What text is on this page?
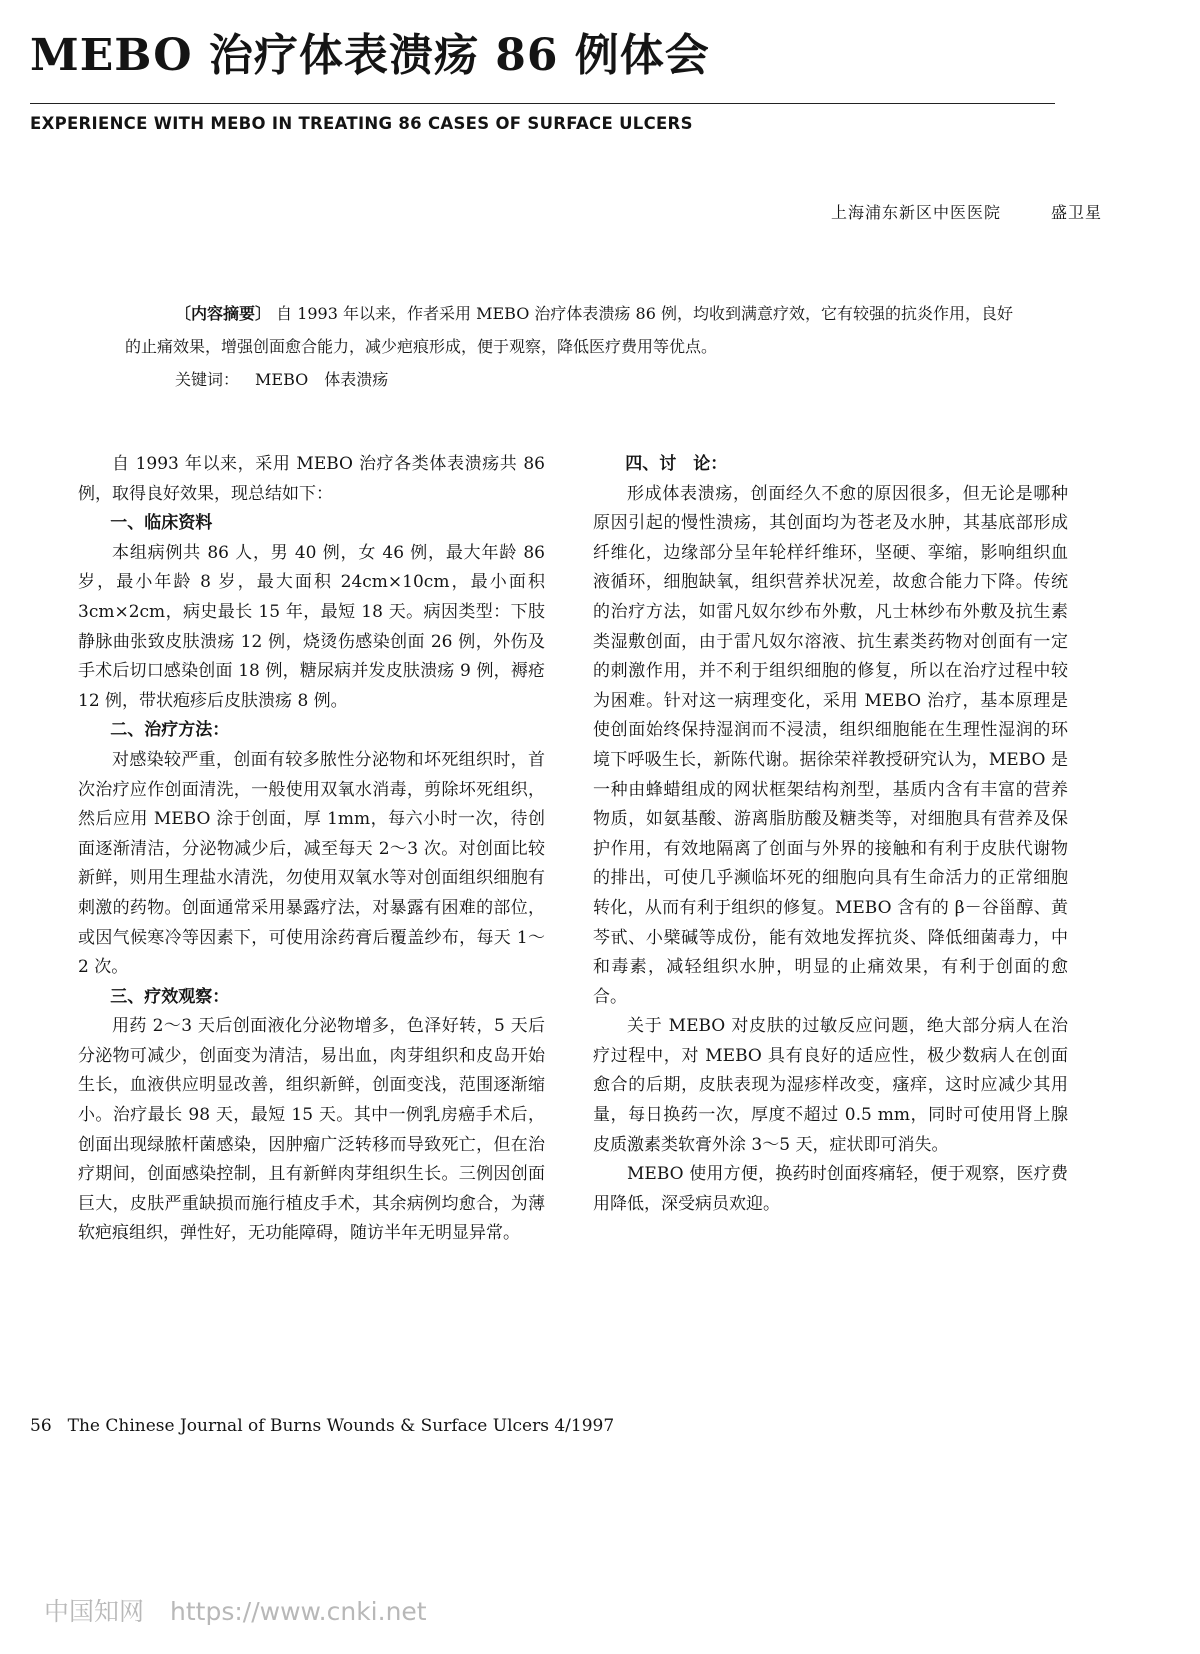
MEBO 治疗体表溃疡 86 例体会
EXPERIENCE WITH MEBO IN TREATING 86 CASES OF SURFACE ULCERS
上海浦东新区中医医院	盛卫星

〔内容摘要〕 自 1993 年以来，作者采用 MEBO 治疗体表溃疡 86 例，均收到满意疗效，它有较强的抗炎作用，良好的止痛效果，增强创面愈合能力，减少疤痕形成，便于观察，降低医疗费用等优点。

关键词： MEBO 体表溃疡

自 1993 年以来，采用 MEBO 治疗各类体表溃疡共 86 例，取得良好效果，现总结如下：

一、临床资料

本组病例共 86 人，男 40 例，女 46 例，最大年龄 86 岁，最小年龄 8 岁，最大面积 24cm×10cm，最小面积 3cm×2cm，病史最长 15 年，最短 18 天。病因类型：下肢静脉曲张致皮肤溃疡 12 例，烧烫伤感染创面 26 例，外伤及手术后切口感染创面 18 例，糖尿病并发皮肤溃疡 9 例，褥疮 12 例，带状疱疹后皮肤溃疡 8 例。

二、治疗方法：

对感染较严重，创面有较多脓性分泌物和坏死组织时，首次治疗应作创面清洗，一般使用双氧水消毒，剪除坏死组织，然后应用 MEBO 涂于创面，厚 1mm，每六小时一次，待创面逐渐清洁，分泌物减少后，减至每天 2～3 次。对创面比较新鲜，则用生理盐水清洗，勿使用双氧水等对创面组织细胞有刺激的药物。创面通常采用暴露疗法，对暴露有困难的部位，或因气候寒冷等因素下，可使用涂药膏后覆盖纱布，每天 1～2 次。

三、疗效观察：

用药 2～3 天后创面液化分泌物增多，色泽好转，5 天后分泌物可减少，创面变为清洁，易出血，肉芽组织和皮岛开始生长，血液供应明显改善，组织新鲜，创面变浅，范围逐渐缩小。治疗最长 98 天，最短 15 天。其中一例乳房癌手术后，创面出现绿脓杆菌感染，因肿瘤广泛转移而导致死亡，但在治疗期间，创面感染控制，且有新鲜肉芽组织生长。三例因创面巨大，皮肤严重缺损而施行植皮手术，其余病例均愈合，为薄软疤痕组织，弹性好，无功能障碍，随访半年无明显异常。

四、讨　论：

形成体表溃疡，创面经久不愈的原因很多，但无论是哪种原因引起的慢性溃疡，其创面均为苍老及水肿，其基底部形成纤维化，边缘部分呈年轮样纤维环，坚硬、挛缩，影响组织血液循环，细胞缺氧，组织营养状况差，故愈合能力下降。传统的治疗方法，如雷凡奴尔纱布外敷，凡士林纱布外敷及抗生素类湿敷创面，由于雷凡奴尔溶液、抗生素类药物对创面有一定的刺激作用，并不利于组织细胞的修复，所以在治疗过程中较为困难。针对这一病理变化，采用 MEBO 治疗，基本原理是使创面始终保持湿润而不浸渍，组织细胞能在生理性湿润的环境下呼吸生长，新陈代谢。据徐荣祥教授研究认为，MEBO 是一种由蜂蜡组成的网状框架结构剂型，基质内含有丰富的营养物质，如氨基酸、游离脂肪酸及糖类等，对细胞具有营养及保护作用，有效地隔离了创面与外界的接触和有利于皮肤代谢物的排出，可使几乎濒临坏死的细胞向具有生命活力的正常细胞转化，从而有利于组织的修复。MEBO 含有的 β－谷甾醇、黄芩甙、小檗碱等成份，能有效地发挥抗炎、降低细菌毒力，中和毒素，减轻组织水肿，明显的止痛效果，有利于创面的愈合。

关于 MEBO 对皮肤的过敏反应问题，绝大部分病人在治疗过程中，对 MEBO 具有良好的适应性，极少数病人在创面愈合的后期，皮肤表现为湿疹样改变，瘙痒，这时应减少其用量，每日换药一次，厚度不超过 0.5 mm，同时可使用肾上腺皮质激素类软膏外涂 3～5 天，症状即可消失。

MEBO 使用方便，换药时创面疼痛轻，便于观察，医疗费用降低，深受病员欢迎。

56 The Chinese Journal of Burns Wounds & Surface Ulcers 4/1997
中国知网 https://www.cnki.net
